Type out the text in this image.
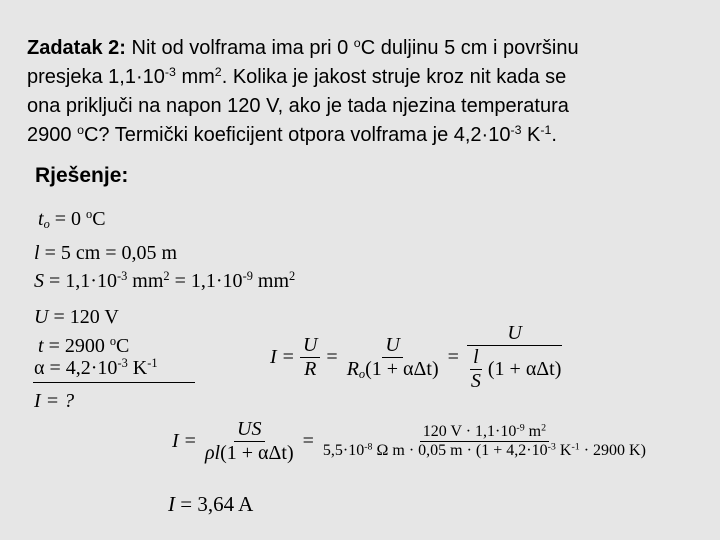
Zadatak 2: Nit od volframa ima pri 0 $^o$C duljinu 5 cm i površinu
presjeka $1,1\cdot 10^{-3}$ $mm^2$. Kolika je jakost struje kroz nit kada se
ona priključi na napon 120 V, ako je tada njezina temperatura
2900 $^o$C? Termički koeficijent otpora volframa je $4,2\cdot 10^{-3}$ $K^{-1}$.
Rješenje:
$t_o = 0$ $^o$C
l = 5 cm = 0,05 m
$S = 1,1\cdot 10^{-3}$ $mm^2 = 1,1\cdot 10^{-9}$ $mm^2$
U = 120 V
t = 2900 $^o$C
$\alpha = 4,2\cdot 10^{-3}$ $K^{-1}$
I = ?
$I = \frac{U}{R} = \frac{U}{R_o(1 + \alpha\Delta t)} = \frac{U}{\frac{l}{S} (1 + \alpha\Delta t)}$
$I = \frac{US}{\text{ρl(1 + αΔt)}} = \frac{120 V \cdot 1,1\cdot 10^{-9} m^2}{5,5\cdot 10^{-8} \Omega m \cdot 0,05 m \cdot (1 + 4,2\cdot 10^{-3} K^{-1} \cdot 2900 K)}$
I = 3,64 A
